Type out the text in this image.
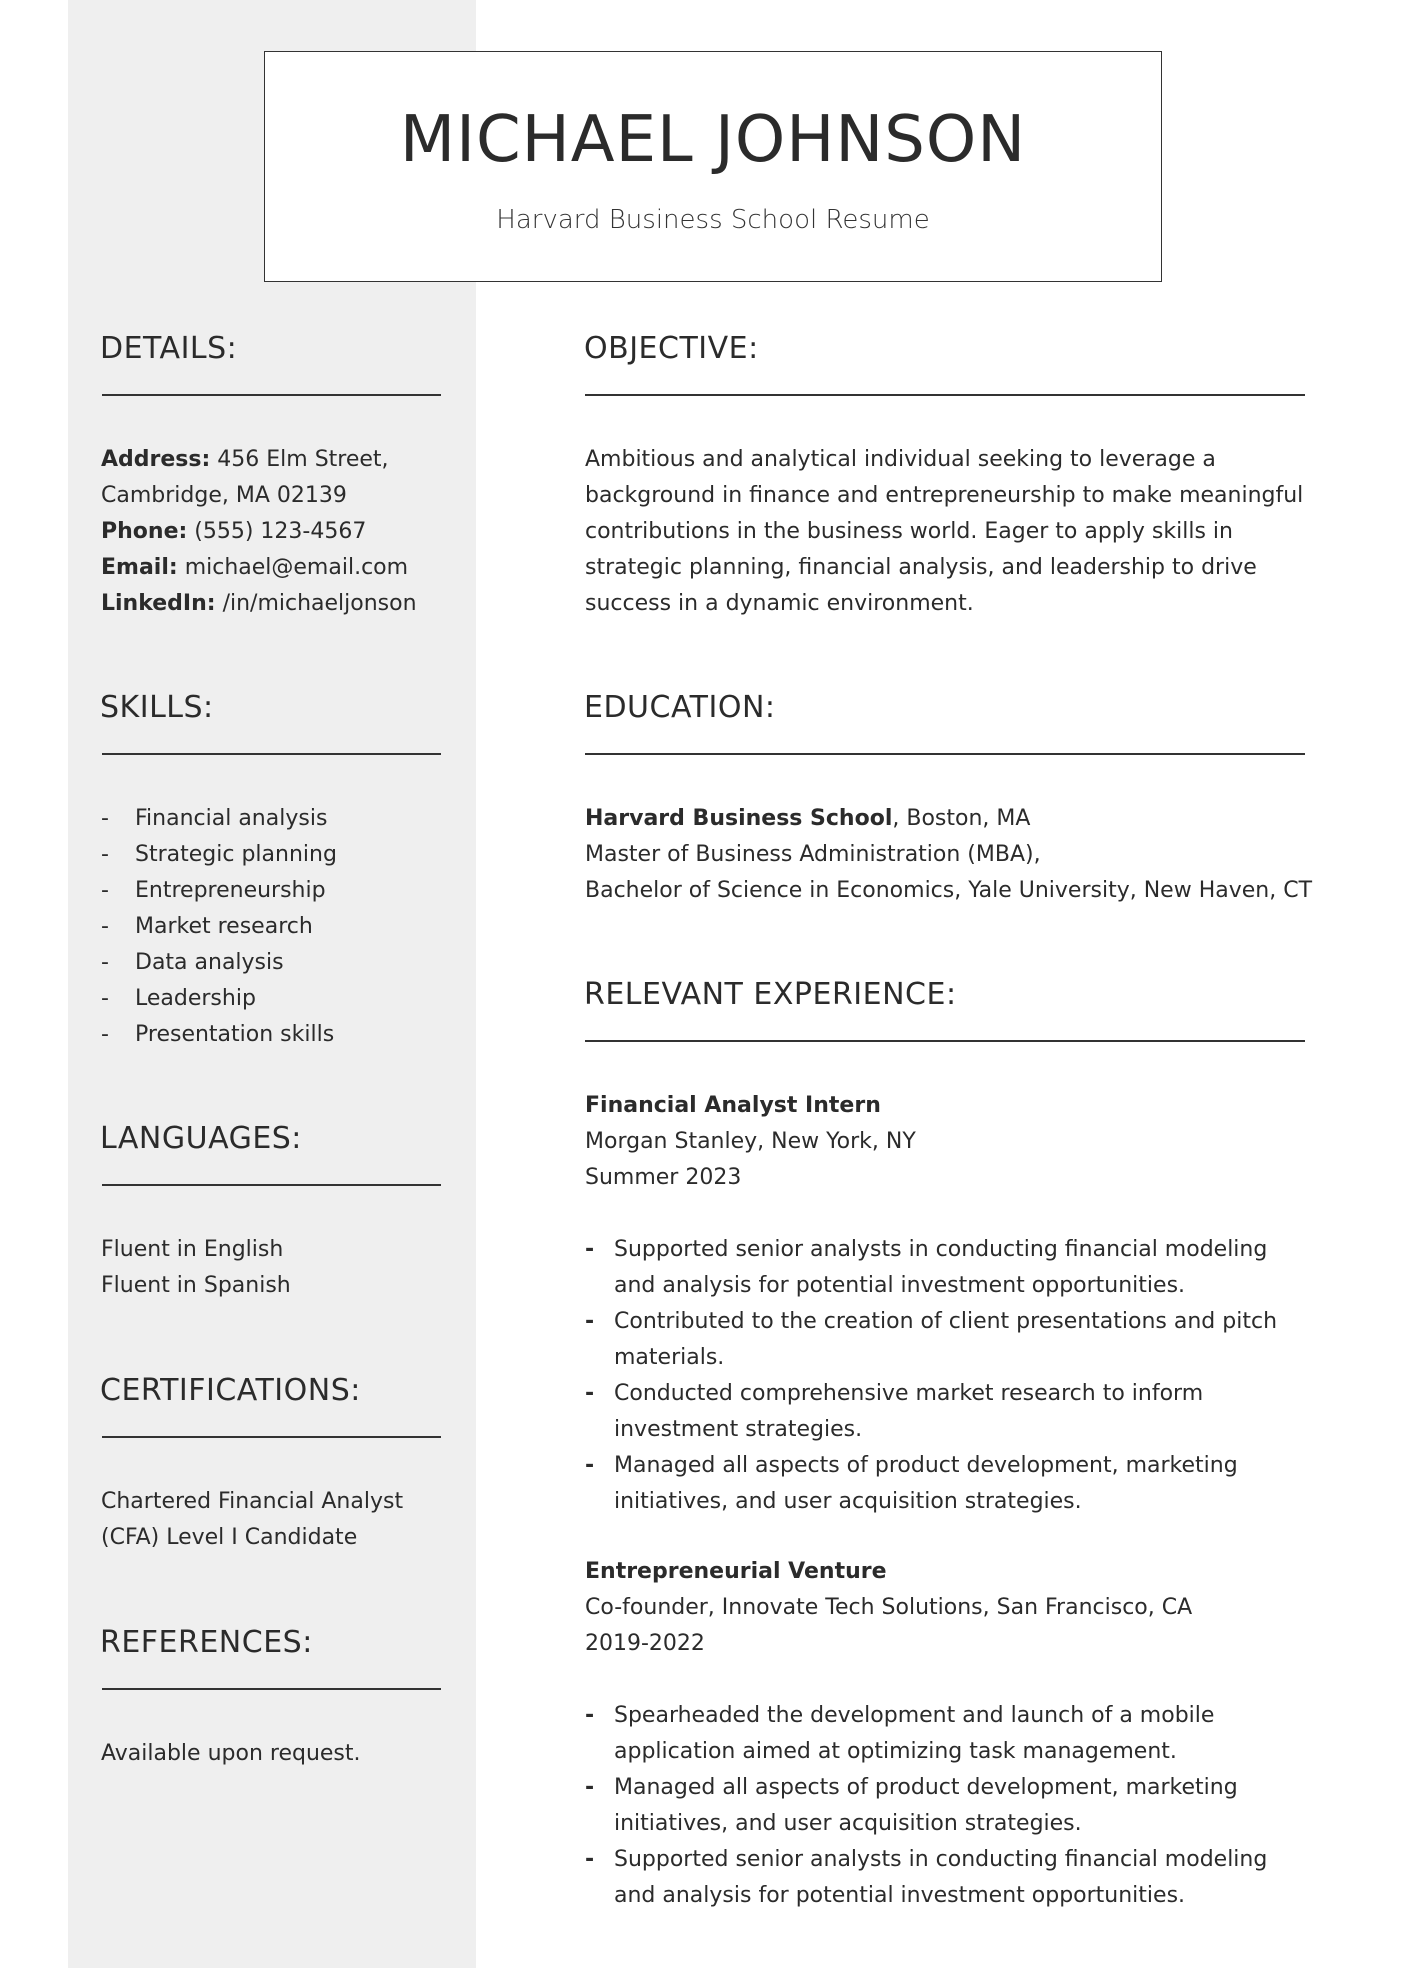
MICHAEL JOHNSON
Harvard Business School Resume
DETAILS:
Address: 456 Elm Street,
Cambridge, MA 02139
Phone: (555) 123-4567
Email: michael@email.com
LinkedIn: /in/michaeljonson
SKILLS:
- Financial analysis
- Strategic planning
- Entrepreneurship
- Market research
- Data analysis
- Leadership
- Presentation skills
LANGUAGES:
Fluent in English
Fluent in Spanish
CERTIFICATIONS:
Chartered Financial Analyst
(CFA) Level I Candidate
REFERENCES:
Available upon request.
OBJECTIVE:
Ambitious and analytical individual seeking to leverage a
background in finance and entrepreneurship to make meaningful
contributions in the business world. Eager to apply skills in
strategic planning, financial analysis, and leadership to drive
success in a dynamic environment.
EDUCATION:
Harvard Business School, Boston, MA
Master of Business Administration (MBA),
Bachelor of Science in Economics, Yale University, New Haven, CT
RELEVANT EXPERIENCE:
Financial Analyst Intern
Morgan Stanley, New York, NY
Summer 2023
- Supported senior analysts in conducting financial modeling
and analysis for potential investment opportunities.
- Contributed to the creation of client presentations and pitch
materials.
- Conducted comprehensive market research to inform
investment strategies.
- Managed all aspects of product development, marketing
initiatives, and user acquisition strategies.
Entrepreneurial Venture
Co-founder, Innovate Tech Solutions, San Francisco, CA
2019-2022
- Spearheaded the development and launch of a mobile
application aimed at optimizing task management.
- Managed all aspects of product development, marketing
initiatives, and user acquisition strategies.
- Supported senior analysts in conducting financial modeling
and analysis for potential investment opportunities.
